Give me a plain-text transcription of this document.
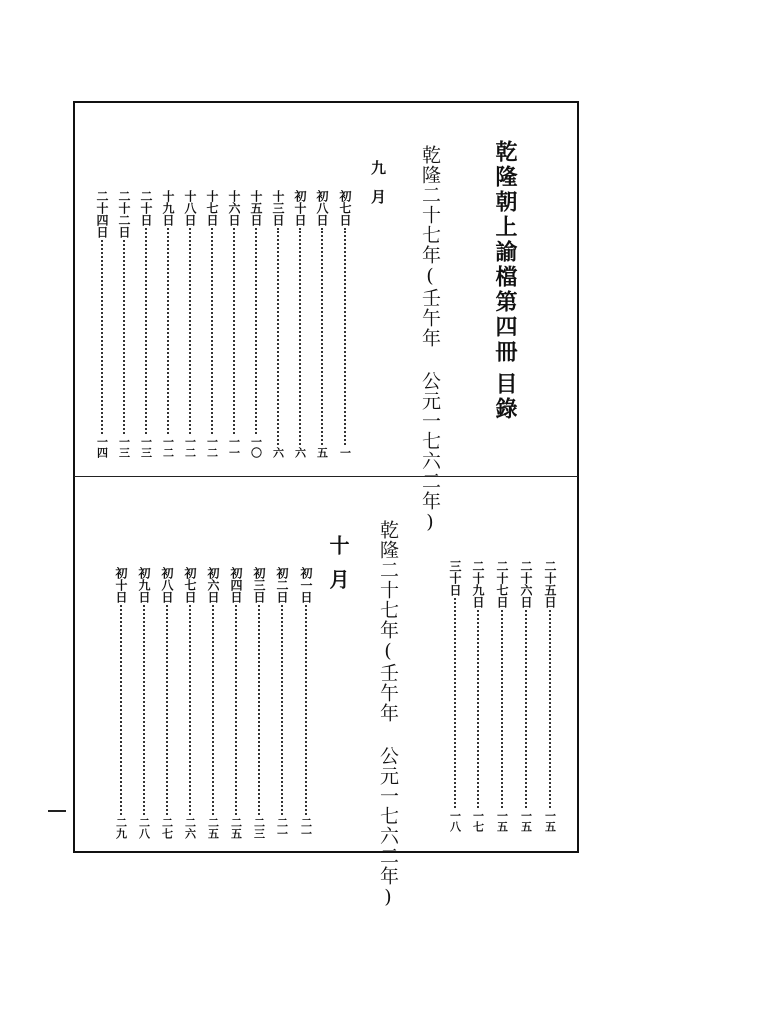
乾隆朝上諭檔
第四冊
目錄
乾隆二十七年(壬午年 公元一七六二年)
九月
乾隆二十七年(壬午年 公元一七六二年)
十月
初七日
一
初八日
五
初十日
六
十三日
六
十五日
一〇
十六日
一一
十七日
一二
十八日
一二
十九日
一二
二十日
一三
二十二日
一三
二十四日
一四
二十五日
一五
二十六日
一五
二十七日
一五
二十九日
一七
三十日
一八
初一日
二一
初二日
二一
初三日
二三
初四日
二五
初六日
二五
初七日
二六
初八日
二七
初九日
二八
初十日
二九
